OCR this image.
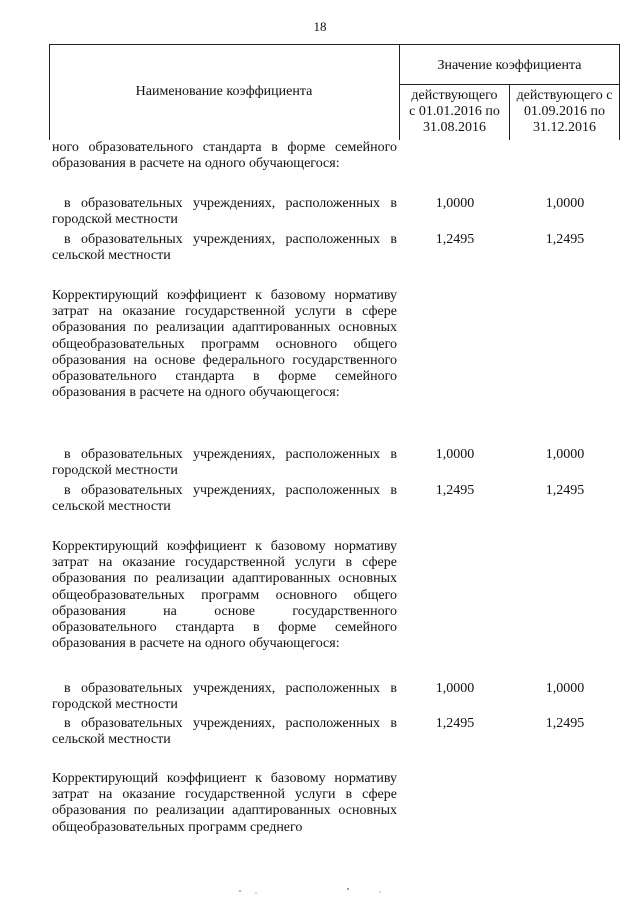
18
Наименование коэффициента
Значение коэффициента
действующего
с 01.01.2016 по
31.08.2016
действующего с
01.09.2016 по
31.12.2016
ного образовательного стандарта в форме семейного образования в расчете на одного обучающегося:
в образовательных учреждениях, расположенных в городской местности
1,0000	1,0000
в образовательных учреждениях, расположенных в сельской местности
1,2495	1,2495
Корректирующий коэффициент к базовому нормативу затрат на оказание государственной услуги в сфере образования по реализации адаптированных основных общеобразовательных программ основного общего образования на основе федерального государственного образовательного стандарта в форме семейного образования в расчете на одного обучающегося:
в образовательных учреждениях, расположенных в городской местности
1,0000	1,0000
в образовательных учреждениях, расположенных в сельской местности
1,2495	1,2495
Корректирующий коэффициент к базовому нормативу затрат на оказание государственной услуги в сфере образования по реализации адаптированных основных общеобразовательных программ основного общего образования на основе государственного образовательного стандарта в форме семейного образования в расчете на одного обучающегося:
в образовательных учреждениях, расположенных в городской местности
1,0000	1,0000
в образовательных учреждениях, расположенных в сельской местности
1,2495	1,2495
Корректирующий коэффициент к базовому нормативу затрат на оказание государственной услуги в сфере образования по реализации адаптированных основных общеобразовательных программ среднего
